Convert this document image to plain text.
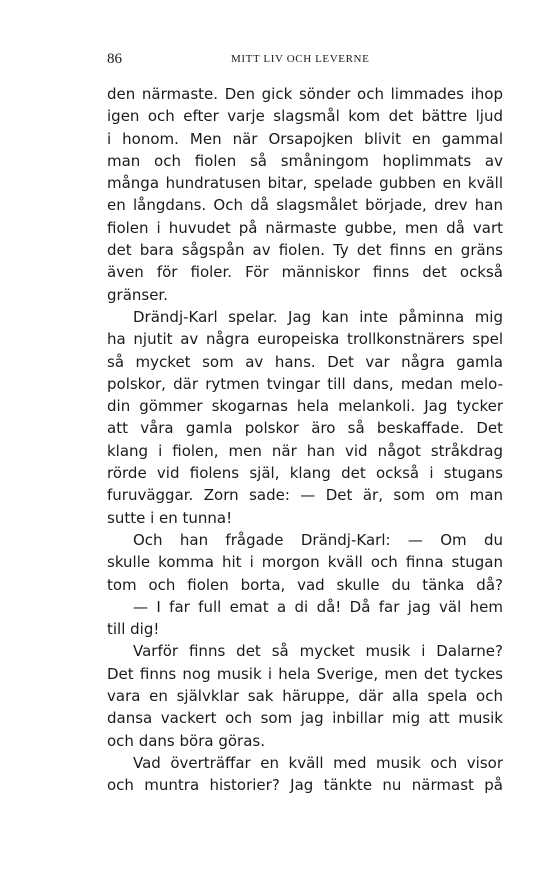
86	MITT LIV OCH LEVERNE
den närmaste. Den gick sönder och limmades ihop
igen och efter varje slagsmål kom det bättre ljud
i honom. Men när Orsapojken blivit en gammal
man och fiolen så småningom hoplimmats av
många hundratusen bitar, spelade gubben en kväll
en långdans. Och då slagsmålet började, drev han
fiolen i huvudet på närmaste gubbe, men då vart
det bara sågspån av fiolen. Ty det finns en gräns
även för fioler. För människor finns det också
gränser.
Drändj-Karl spelar. Jag kan inte påminna mig
ha njutit av några europeiska trollkonstnärers spel
så mycket som av hans. Det var några gamla
polskor, där rytmen tvingar till dans, medan melo-
din gömmer skogarnas hela melankoli. Jag tycker
att våra gamla polskor äro så beskaffade. Det
klang i fiolen, men när han vid något stråkdrag
rörde vid fiolens själ, klang det också i stugans
furuväggar. Zorn sade: — Det är, som om man
sutte i en tunna!
Och han frågade Drändj-Karl: — Om du
skulle komma hit i morgon kväll och finna stugan
tom och fiolen borta, vad skulle du tänka då?
— I far full emat a di då! Då far jag väl hem
till dig!
Varför finns det så mycket musik i Dalarne?
Det finns nog musik i hela Sverige, men det tyckes
vara en självklar sak häruppe, där alla spela och
dansa vackert och som jag inbillar mig att musik
och dans böra göras.
Vad överträffar en kväll med musik och visor
och muntra historier? Jag tänkte nu närmast på
